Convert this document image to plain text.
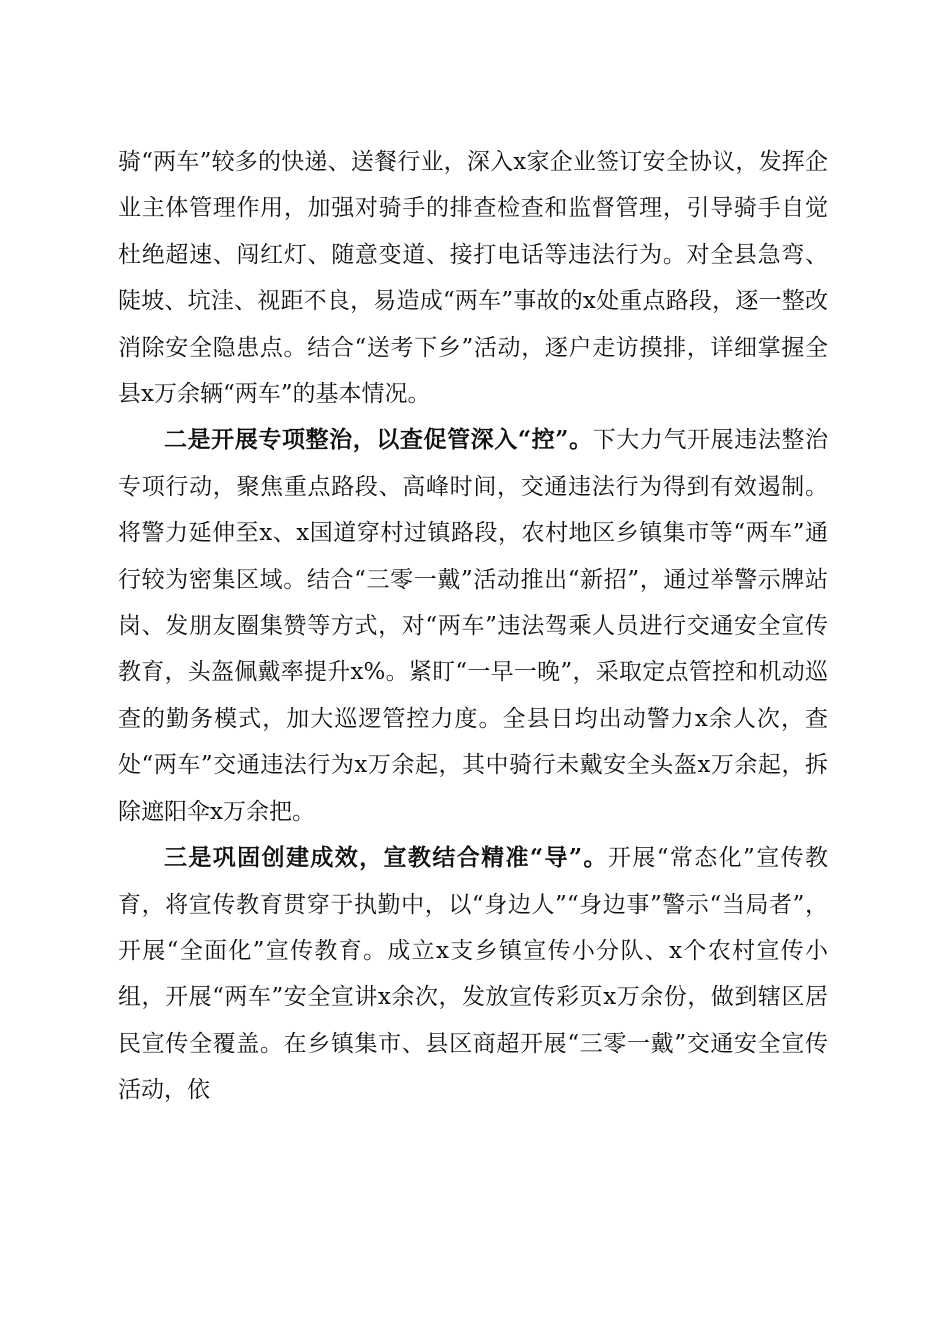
骑“两车”较多的快递、送餐行业，深入x家企业签订安全协议，发挥企业主体管理作用，加强对骑手的排查检查和监督管理，引导骑手自觉杜绝超速、闯红灯、随意变道、接打电话等违法行为。对全县急弯、陡坡、坑洼、视距不良，易造成“两车”事故的x处重点路段，逐一整改消除安全隐患点。结合“送考下乡”活动，逐户走访摸排，详细掌握全县x万余辆“两车”的基本情况。

二是开展专项整治，以查促管深入“控”。下大力气开展违法整治专项行动，聚焦重点路段、高峰时间，交通违法行为得到有效遏制。将警力延伸至x、x国道穿村过镇路段，农村地区乡镇集市等“两车”通行较为密集区域。结合“三零一戴”活动推出“新招”，通过举警示牌站岗、发朋友圈集赞等方式，对“两车”违法驾乘人员进行交通安全宣传教育，头盔佩戴率提升x%。紧盯“一早一晚”，采取定点管控和机动巡查的勤务模式，加大巡逻管控力度。全县日均出动警力x余人次，查处“两车”交通违法行为x万余起，其中骑行未戴安全头盔x万余起，拆除遮阳伞x万余把。

三是巩固创建成效，宣教结合精准“导”。开展“常态化”宣传教育，将宣传教育贯穿于执勤中，以“身边人”“身边事”警示“当局者”，开展“全面化”宣传教育。成立x支乡镇宣传小分队、x个农村宣传小组，开展“两车”安全宣讲x余次，发放宣传彩页x万余份，做到辖区居民宣传全覆盖。在乡镇集市、县区商超开展“三零一戴”交通安全宣传活动，依
